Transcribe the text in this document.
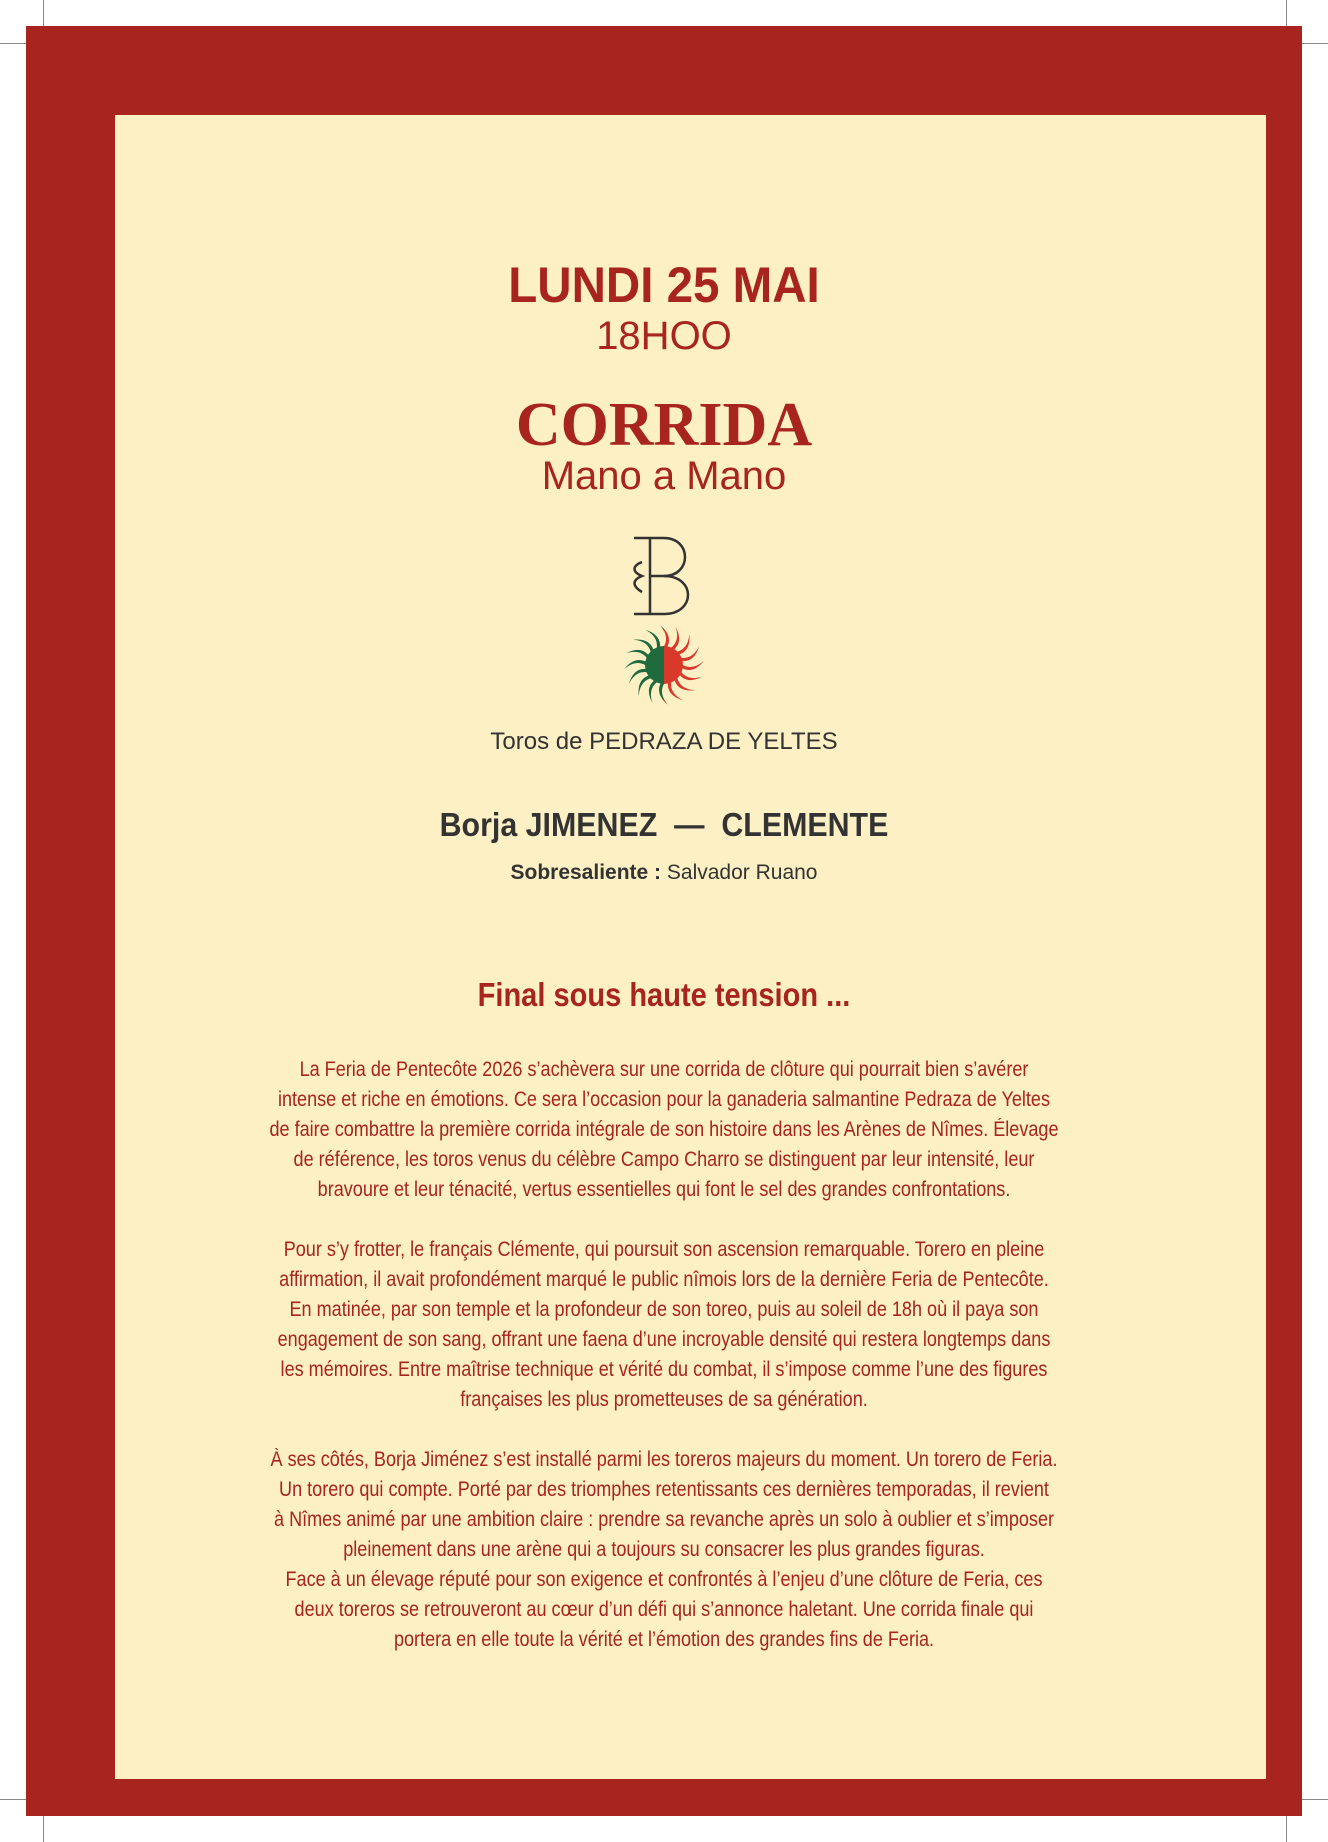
LUNDI 25 MAI
18HOO
CORRIDA
Mano a Mano
Toros de PEDRAZA DE YELTES
Borja JIMENEZ — CLEMENTE
Sobresaliente : Salvador Ruano
Final sous haute tension ...
La Feria de Pentecôte 2026 s’achèvera sur une corrida de clôture qui pourrait bien s’avérer
intense et riche en émotions. Ce sera l’occasion pour la ganaderia salmantine Pedraza de Yeltes
de faire combattre la première corrida intégrale de son histoire dans les Arènes de Nîmes. Élevage
de référence, les toros venus du célèbre Campo Charro se distinguent par leur intensité, leur
bravoure et leur ténacité, vertus essentielles qui font le sel des grandes confrontations.
Pour s’y frotter, le français Clémente, qui poursuit son ascension remarquable. Torero en pleine
affirmation, il avait profondément marqué le public nîmois lors de la dernière Feria de Pentecôte.
En matinée, par son temple et la profondeur de son toreo, puis au soleil de 18h où il paya son
engagement de son sang, offrant une faena d’une incroyable densité qui restera longtemps dans
les mémoires. Entre maîtrise technique et vérité du combat, il s’impose comme l’une des figures
françaises les plus prometteuses de sa génération.
À ses côtés, Borja Jiménez s’est installé parmi les toreros majeurs du moment. Un torero de Feria.
Un torero qui compte. Porté par des triomphes retentissants ces dernières temporadas, il revient
à Nîmes animé par une ambition claire : prendre sa revanche après un solo à oublier et s’imposer
pleinement dans une arène qui a toujours su consacrer les plus grandes figuras.
Face à un élevage réputé pour son exigence et confrontés à l’enjeu d’une clôture de Feria, ces
deux toreros se retrouveront au cœur d’un défi qui s’annonce haletant. Une corrida finale qui
portera en elle toute la vérité et l’émotion des grandes fins de Feria.
